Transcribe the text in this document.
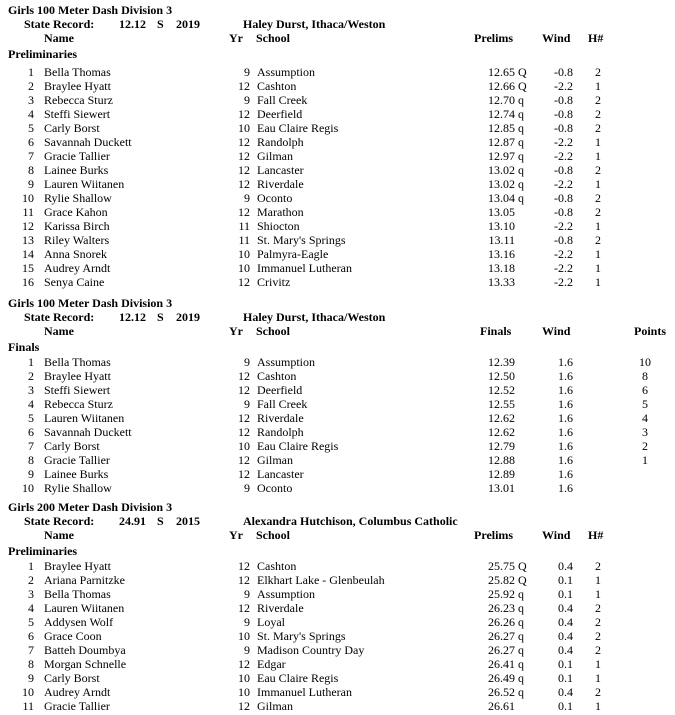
Girls 100 Meter Dash Division 3
State Record:	12.12 S 2019	Haley Durst, Ithaca/Weston
Name	Yr School	Prelims Wind H#
Preliminaries
1 Bella Thomas	9 Assumption	12.65 Q	-0.8	2
2 Braylee Hyatt	12 Cashton	12.66 Q	-2.2	1
3 Rebecca Sturz	9 Fall Creek	12.70 q	-0.8	2
4 Steffi Siewert	12 Deerfield	12.74 q	-0.8	2
5 Carly Borst	10 Eau Claire Regis	12.85 q	-0.8	2
6 Savannah Duckett	12 Randolph	12.87 q	-2.2	1
7 Gracie Tallier	12 Gilman	12.97 q	-2.2	1
8 Lainee Burks	12 Lancaster	13.02 q	-0.8	2
9 Lauren Wiitanen	12 Riverdale	13.02 q	-2.2	1
10 Rylie Shallow	9 Oconto	13.04 q	-0.8	2
11 Grace Kahon	12 Marathon	13.05	-0.8	2
12 Karissa Birch	11 Shiocton	13.10	-2.2	1
13 Riley Walters	11 St. Mary's Springs	13.11	-0.8	2
14 Anna Snorek	10 Palmyra-Eagle	13.16	-2.2	1
15 Audrey Arndt	10 Immanuel Lutheran	13.18	-2.2	1
16 Senya Caine	12 Crivitz	13.33	-2.2	1
Girls 100 Meter Dash Division 3
State Record:	12.12 S 2019	Haley Durst, Ithaca/Weston
Name	Yr School	Finals	Wind	Points
Finals
1 Bella Thomas	9 Assumption	12.39	1.6	10
2 Braylee Hyatt	12 Cashton	12.50	1.6	8
3 Steffi Siewert	12 Deerfield	12.52	1.6	6
4 Rebecca Sturz	9 Fall Creek	12.55	1.6	5
5 Lauren Wiitanen	12 Riverdale	12.62	1.6	4
6 Savannah Duckett	12 Randolph	12.62	1.6	3
7 Carly Borst	10 Eau Claire Regis	12.79	1.6	2
8 Gracie Tallier	12 Gilman	12.88	1.6	1
9 Lainee Burks	12 Lancaster	12.89	1.6
10 Rylie Shallow	9 Oconto	13.01	1.6
Girls 200 Meter Dash Division 3
State Record:	24.91 S 2015	Alexandra Hutchison, Columbus Catholic
Name	Yr School	Prelims Wind H#
Preliminaries
1 Braylee Hyatt	12 Cashton	25.75 Q	0.4	2
2 Ariana Parnitzke	12 Elkhart Lake - Glenbeulah	25.82 Q	0.1	1
3 Bella Thomas	9 Assumption	25.92 q	0.1	1
4 Lauren Wiitanen	12 Riverdale	26.23 q	0.4	2
5 Addysen Wolf	9 Loyal	26.26 q	0.4	2
6 Grace Coon	10 St. Mary's Springs	26.27 q	0.4	2
7 Batteh Doumbya	9 Madison Country Day	26.27 q	0.4	2
8 Morgan Schnelle	12 Edgar	26.41 q	0.1	1
9 Carly Borst	10 Eau Claire Regis	26.49 q	0.1	1
10 Audrey Arndt	10 Immanuel Lutheran	26.52 q	0.4	2
11 Gracie Tallier	12 Gilman	26.61	0.1	1
